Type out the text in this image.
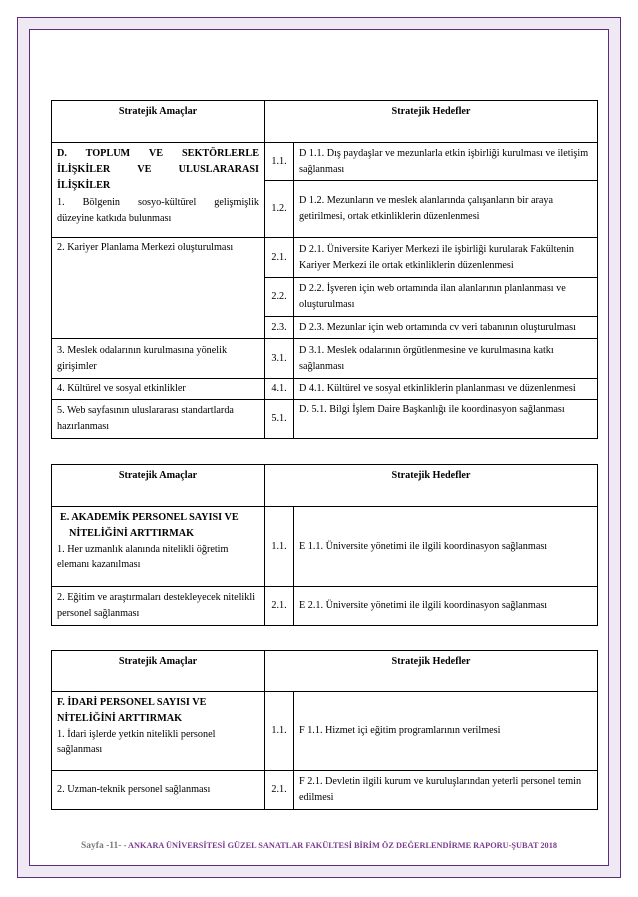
Stratejik Amaçlar	Stratejik Hedefler	

D. TOPLUM VE SEKTÖRLERLE
İLİŞKİLER VE ULUSLARARASI
İLİŞKİLER
1. Bölgenin sosyo-kültürel gelişmişlik
düzeyine katkıda bulunması	1.1.	D 1.1. Dış paydaşlar ve mezunlarla etkin işbirliği kurulması ve iletişim sağlanması
	1.2.	D 1.2. Mezunların ve meslek alanlarında çalışanların bir araya getirilmesi, ortak etkinliklerin düzenlenmesi
2. Kariyer Planlama Merkezi oluşturulması	2.1.	D 2.1. Üniversite Kariyer Merkezi ile işbirliği kurularak Fakültenin Kariyer Merkezi ile ortak etkinliklerin düzenlenmesi
	2.2.	D 2.2. İşveren için web ortamında ilan alanlarının planlanması ve oluşturulması
	2.3.	D 2.3. Mezunlar için web ortamında cv veri tabanının oluşturulması
3. Meslek odalarının kurulmasına yönelik girişimler	3.1.	D 3.1. Meslek odalarının örgütlenmesine ve kurulmasına katkı sağlanması
4. Kültürel ve sosyal etkinlikler	4.1.	D 4.1. Kültürel ve sosyal etkinliklerin planlanması ve düzenlenmesi
5. Web sayfasının uluslararası standartlarda hazırlanması	5.1.	D. 5.1. Bilgi İşlem Daire Başkanlığı ile koordinasyon sağlanması
Stratejik Amaçlar	Stratejik Hedefler	

E. AKADEMİK PERSONEL SAYISI VE
NİTELİĞİNİ ARTTIRMAK
1. Her uzmanlık alanında nitelikli öğretim elemanı kazanılması	1.1.	E 1.1. Üniversite yönetimi ile ilgili koordinasyon sağlanması
2. Eğitim ve araştırmaları destekleyecek nitelikli personel sağlanması	2.1.	E 2.1. Üniversite yönetimi ile ilgili koordinasyon sağlanması
Stratejik Amaçlar	Stratejik Hedefler	

F. İDARİ PERSONEL SAYISI VE
NİTELİĞİNİ ARTTIRMAK
1. İdari işlerde yetkin nitelikli personel sağlanması	1.1.	F 1.1. Hizmet içi eğitim programlarının verilmesi
2. Uzman-teknik personel sağlanması	2.1.	F 2.1. Devletin ilgili kurum ve kuruluşlarından yeterli personel temin edilmesi
Sayfa -11- - ANKARA ÜNİVERSİTESİ GÜZEL SANATLAR FAKÜLTESİ BİRİM ÖZ DEĞERLENDİRME RAPORU-ŞUBAT 2018
